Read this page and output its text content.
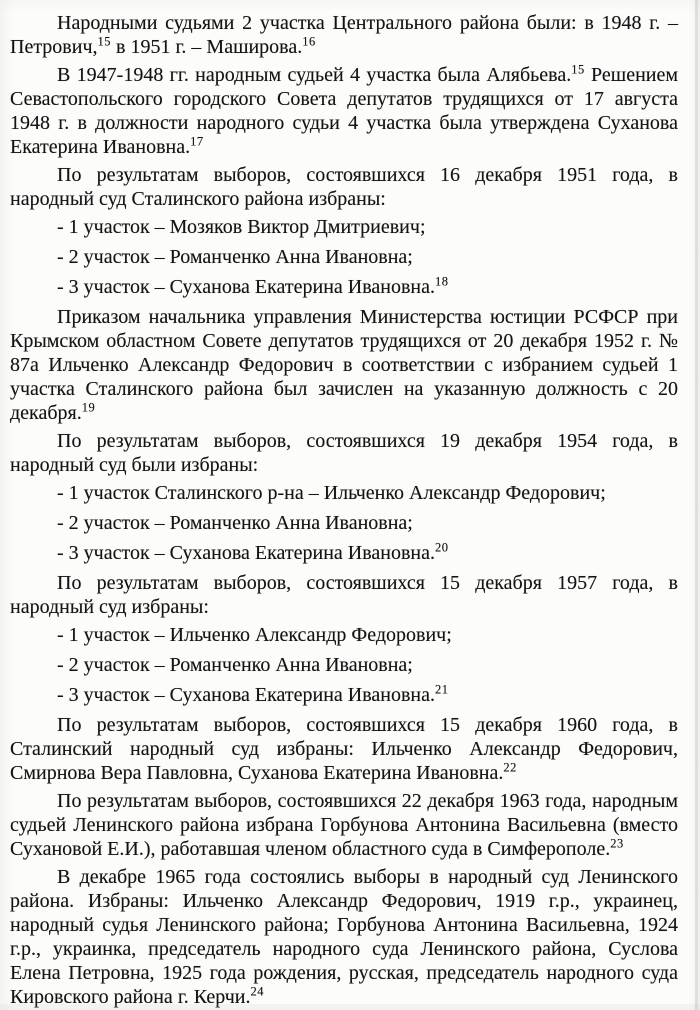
Народными судьями 2 участка Центрального района были: в 1948 г. – Петрович,$^{15}$ в 1951 г. – Маширова.$^{16}$

В 1947-1948 гг. народным судьей 4 участка была Алябьева.$^{15}$ Решением Севастопольского городского Совета депутатов трудящихся от 17 августа 1948 г. в должности народного судьи 4 участка была утверждена Суханова Екатерина Ивановна.$^{17}$

По результатам выборов, состоявшихся 16 декабря 1951 года, в народный суд Сталинского района избраны:

- 1 участок – Мозяков Виктор Дмитриевич;

- 2 участок – Романченко Анна Ивановна;

- 3 участок – Суханова Екатерина Ивановна.$^{18}$

Приказом начальника управления Министерства юстиции РСФСР при Крымском областном Совете депутатов трудящихся от 20 декабря 1952 г. № 87а Ильченко Александр Федорович в соответствии с избранием судьей 1 участка Сталинского района был зачислен на указанную должность с 20 декабря.$^{19}$

По результатам выборов, состоявшихся 19 декабря 1954 года, в народный суд были избраны:

- 1 участок Сталинского р-на – Ильченко Александр Федорович;

- 2 участок – Романченко Анна Ивановна;

- 3 участок – Суханова Екатерина Ивановна.$^{20}$

По результатам выборов, состоявшихся 15 декабря 1957 года, в народный суд избраны:

- 1 участок – Ильченко Александр Федорович;

- 2 участок – Романченко Анна Ивановна;

- 3 участок – Суханова Екатерина Ивановна.$^{21}$

По результатам выборов, состоявшихся 15 декабря 1960 года, в Сталинский народный суд избраны: Ильченко Александр Федорович, Смирнова Вера Павловна, Суханова Екатерина Ивановна.$^{22}$

По результатам выборов, состоявшихся 22 декабря 1963 года, народным судьей Ленинского района избрана Горбунова Антонина Васильевна (вместо Сухановой Е.И.), работавшая членом областного суда в Симферополе.$^{23}$

В декабре 1965 года состоялись выборы в народный суд Ленинского района. Избраны: Ильченко Александр Федорович, 1919 г.р., украинец, народный судья Ленинского района; Горбунова Антонина Васильевна, 1924 г.р., украинка, председатель народного суда Ленинского района, Суслова Елена Петровна, 1925 года рождения, русская, председатель народного суда Кировского района г. Керчи.$^{24}$
